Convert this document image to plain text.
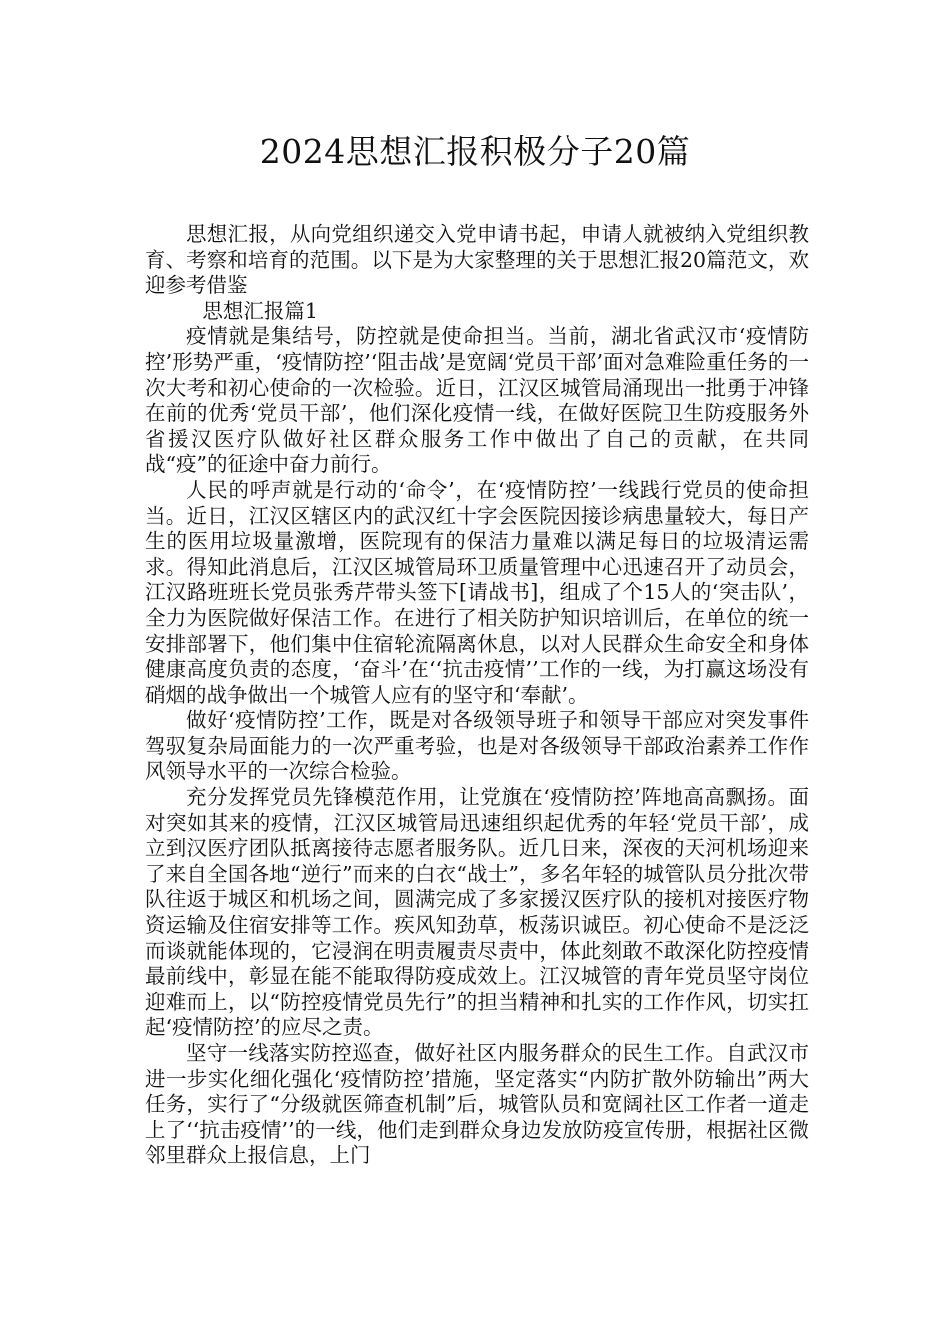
2024思想汇报积极分子20篇

思想汇报，从向党组织递交入党申请书起，申请人就被纳入党组织教育、考察和培育的范围。以下是为大家整理的关于思想汇报20篇范文，欢迎参考借鉴

思想汇报篇1

疫情就是集结号，防控就是使命担当。当前，湖北省武汉市‘疫情防控’形势严重，‘疫情防控’‘阻击战’是宽阔‘党员干部’面对急难险重任务的一次大考和初心使命的一次检验。近日，江汉区城管局涌现出一批勇于冲锋在前的优秀‘党员干部’，他们深化疫情一线，在做好医院卫生防疫服务外省援汉医疗队做好社区群众服务工作中做出了自己的贡献，在共同战“疫”的征途中奋力前行。

人民的呼声就是行动的‘命令’，在‘疫情防控’一线践行党员的使命担当。近日，江汉区辖区内的武汉红十字会医院因接诊病患量较大，每日产生的医用垃圾量激增，医院现有的保洁力量难以满足每日的垃圾清运需求。得知此消息后，江汉区城管局环卫质量管理中心迅速召开了动员会，江汉路班班长党员张秀芹带头签下[请战书]，组成了个15人的‘突击队’，全力为医院做好保洁工作。在进行了相关防护知识培训后，在单位的统一安排部署下，他们集中住宿轮流隔离休息，以对人民群众生命安全和身体健康高度负责的态度，‘奋斗’在‘‘抗击疫情’’工作的一线，为打赢这场没有硝烟的战争做出一个城管人应有的坚守和‘奉献’。

做好‘疫情防控’工作，既是对各级领导班子和领导干部应对突发事件驾驭复杂局面能力的一次严重考验，也是对各级领导干部政治素养工作作风领导水平的一次综合检验。

充分发挥党员先锋模范作用，让党旗在‘疫情防控’阵地高高飘扬。面对突如其来的疫情，江汉区城管局迅速组织起优秀的年轻‘党员干部’，成立到汉医疗团队抵离接待志愿者服务队。近几日来，深夜的天河机场迎来了来自全国各地“逆行”而来的白衣“战士”，多名年轻的城管队员分批次带队往返于城区和机场之间，圆满完成了多家援汉医疗队的接机对接医疗物资运输及住宿安排等工作。疾风知劲草，板荡识诚臣。初心使命不是泛泛而谈就能体现的，它浸润在明责履责尽责中，体此刻敢不敢深化防控疫情最前线中，彰显在能不能取得防疫成效上。江汉城管的青年党员坚守岗位迎难而上，以“防控疫情党员先行”的担当精神和扎实的工作作风，切实扛起‘疫情防控’的应尽之责。

坚守一线落实防控巡查，做好社区内服务群众的民生工作。自武汉市进一步实化细化强化‘疫情防控’措施，坚定落实“内防扩散外防输出”两大任务，实行了“分级就医筛查机制”后，城管队员和宽阔社区工作者一道走上了‘‘抗击疫情’’的一线，他们走到群众身边发放防疫宣传册，根据社区微邻里群众上报信息，上门
